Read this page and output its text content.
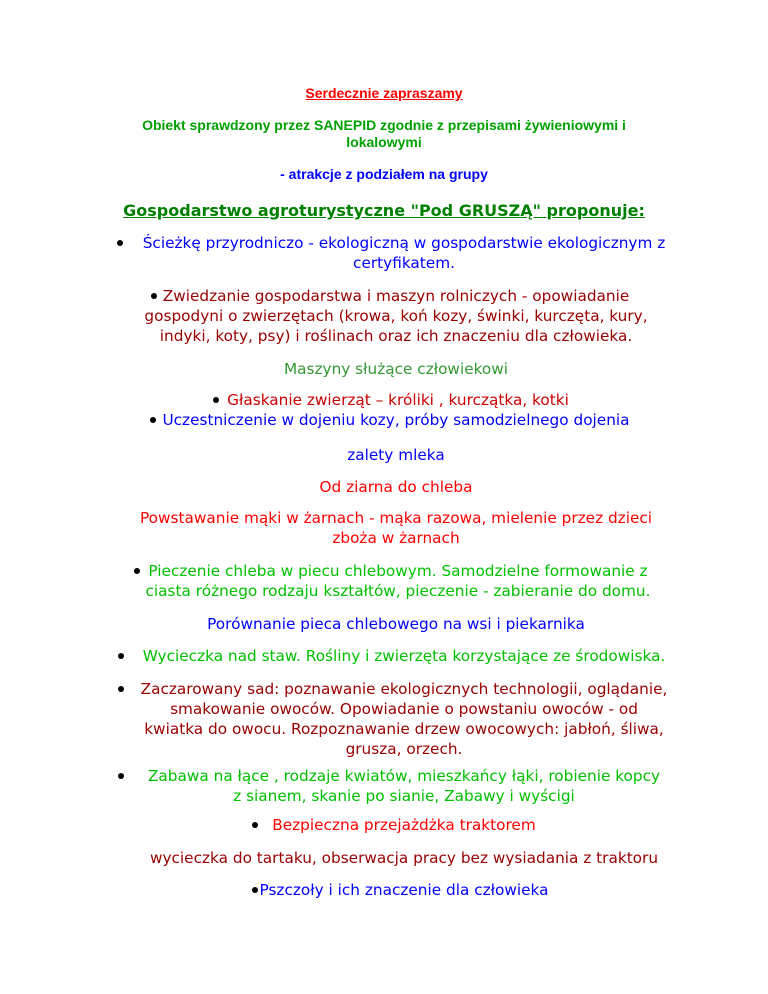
Serdecznie zapraszamy
Obiekt sprawdzony przez SANEPID zgodnie z przepisami żywieniowymi i
lokalowymi
- atrakcje z podziałem na grupy
Gospodarstwo agroturystyczne "Pod GRUSZĄ" proponuje:
Ścieżkę przyrodniczo - ekologiczną w gospodarstwie ekologicznym z
certyfikatem.
Zwiedzanie gospodarstwa i maszyn rolniczych - opowiadanie
gospodyni o zwierzętach (krowa, koń kozy, świnki, kurczęta, kury,
indyki, koty, psy) i roślinach oraz ich znaczeniu dla człowieka.
Maszyny służące człowiekowi
Głaskanie zwierząt – króliki , kurczątka, kotki
Uczestniczenie w dojeniu kozy, próby samodzielnego dojenia
zalety mleka
Od ziarna do chleba
Powstawanie mąki w żarnach - mąka razowa, mielenie przez dzieci
zboża w żarnach
Pieczenie chleba w piecu chlebowym. Samodzielne formowanie z
ciasta różnego rodzaju kształtów, pieczenie - zabieranie do domu.
Porównanie pieca chlebowego na wsi i piekarnika
Wycieczka nad staw. Rośliny i zwierzęta korzystające ze środowiska.
Zaczarowany sad: poznawanie ekologicznych technologii, oglądanie,
smakowanie owoców. Opowiadanie o powstaniu owoców - od
kwiatka do owocu. Rozpoznawanie drzew owocowych: jabłoń, śliwa,
grusza, orzech.
Zabawa na łące , rodzaje kwiatów, mieszkańcy łąki, robienie kopcy
z sianem, skanie po sianie, Zabawy i wyścigi
Bezpieczna przejażdżka traktorem
wycieczka do tartaku, obserwacja pracy bez wysiadania z traktoru
Pszczoły i ich znaczenie dla człowieka
